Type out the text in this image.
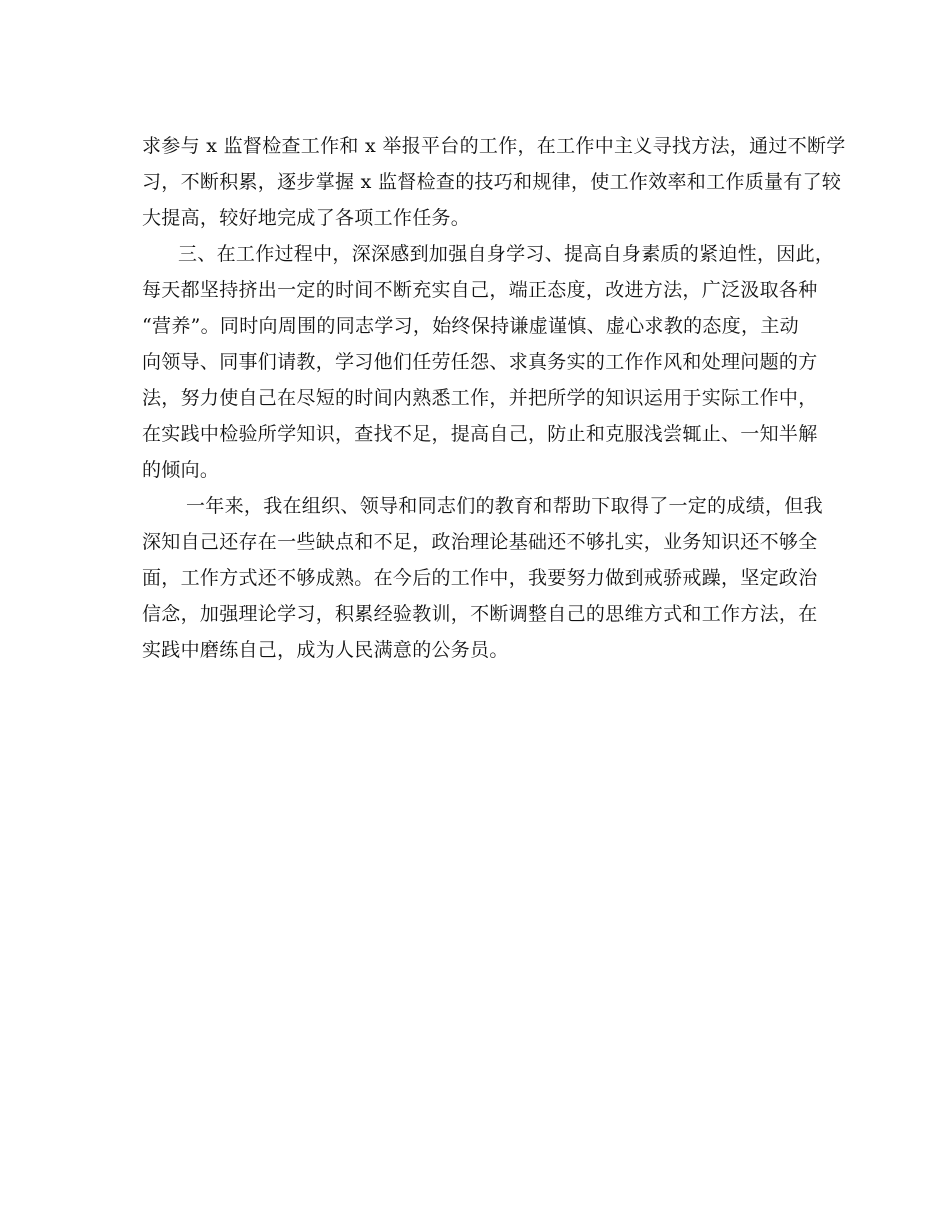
求参与 x 监督检查工作和 x 举报平台的工作，在工作中主义寻找方法，通过不断学
习，不断积累，逐步掌握 x 监督检查的技巧和规律，使工作效率和工作质量有了较
大提高，较好地完成了各项工作任务。
三、在工作过程中，深深感到加强自身学习、提高自身素质的紧迫性，因此，
每天都坚持挤出一定的时间不断充实自己，端正态度，改进方法，广泛汲取各种
“营养”。同时向周围的同志学习，始终保持谦虚谨慎、虚心求教的态度，主动
向领导、同事们请教，学习他们任劳任怨、求真务实的工作作风和处理问题的方
法，努力使自己在尽短的时间内熟悉工作，并把所学的知识运用于实际工作中，
在实践中检验所学知识，查找不足，提高自己，防止和克服浅尝辄止、一知半解
的倾向。
一年来，我在组织、领导和同志们的教育和帮助下取得了一定的成绩，但我
深知自己还存在一些缺点和不足，政治理论基础还不够扎实，业务知识还不够全
面，工作方式还不够成熟。在今后的工作中，我要努力做到戒骄戒躁，坚定政治
信念，加强理论学习，积累经验教训，不断调整自己的思维方式和工作方法，在
实践中磨练自己，成为人民满意的公务员。
